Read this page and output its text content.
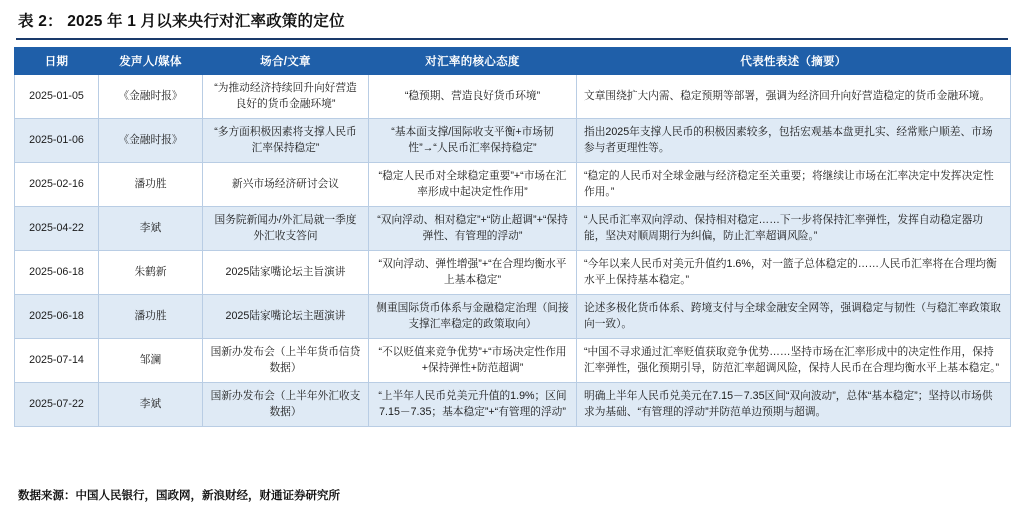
表 2： 2025 年 1 月以来央行对汇率政策的定位
日期	发声人/媒体	场合/文章	对汇率的核心态度	代表性表述（摘要）
2025-01-05	《金融时报》	“为推动经济持续回升向好营造良好的货币金融环境”	“稳预期、营造良好货币环境”	文章围绕扩大内需、稳定预期等部署，强调为经济回升向好营造稳定的货币金融环境。
2025-01-06	《金融时报》	“多方面积极因素将支撑人民币汇率保持稳定”	“基本面支撑/国际收支平衡+市场韧性”→“人民币汇率保持稳定”	指出2025年支撑人民币的积极因素较多，包括宏观基本盘更扎实、经常账户顺差、市场参与者更理性等。
2025-02-16	潘功胜	新兴市场经济研讨会议	“稳定人民币对全球稳定重要”+“市场在汇率形成中起决定性作用”	“稳定的人民币对全球金融与经济稳定至关重要；将继续让市场在汇率决定中发挥决定性作用。”
2025-04-22	李斌	国务院新闻办/外汇局就一季度外汇收支答问	“双向浮动、相对稳定”+“防止超调”+“保持弹性、有管理的浮动”	“人民币汇率双向浮动、保持相对稳定……下一步将保持汇率弹性，发挥自动稳定器功能，坚决对顺周期行为纠偏，防止汇率超调风险。”
2025-06-18	朱鹤新	2025陆家嘴论坛主旨演讲	“双向浮动、弹性增强”+“在合理均衡水平上基本稳定”	“今年以来人民币对美元升值约1.6%，对一篮子总体稳定的……人民币汇率将在合理均衡水平上保持基本稳定。”
2025-06-18	潘功胜	2025陆家嘴论坛主题演讲	侧重国际货币体系与金融稳定治理（间接支撑汇率稳定的政策取向）	论述多极化货币体系、跨境支付与全球金融安全网等，强调稳定与韧性（与稳汇率政策取向一致）。
2025-07-14	邹澜	国新办发布会（上半年货币信贷数据）	“不以贬值来竞争优势”+“市场决定性作用+保持弹性+防范超调”	“中国不寻求通过汇率贬值获取竞争优势……坚持市场在汇率形成中的决定性作用，保持汇率弹性，强化预期引导，防范汇率超调风险，保持人民币在合理均衡水平上基本稳定。”
2025-07-22	李斌	国新办发布会（上半年外汇收支数据）	“上半年人民币兑美元升值的1.9%；区间7.15－7.35；基本稳定”+“有管理的浮动”	明确上半年人民币兑美元在7.15－7.35区间“双向波动”，总体“基本稳定”；坚持以市场供求为基础、“有管理的浮动”并防范单边预期与超调。
数据来源：中国人民银行，国政网，新浪财经，财通证券研究所
